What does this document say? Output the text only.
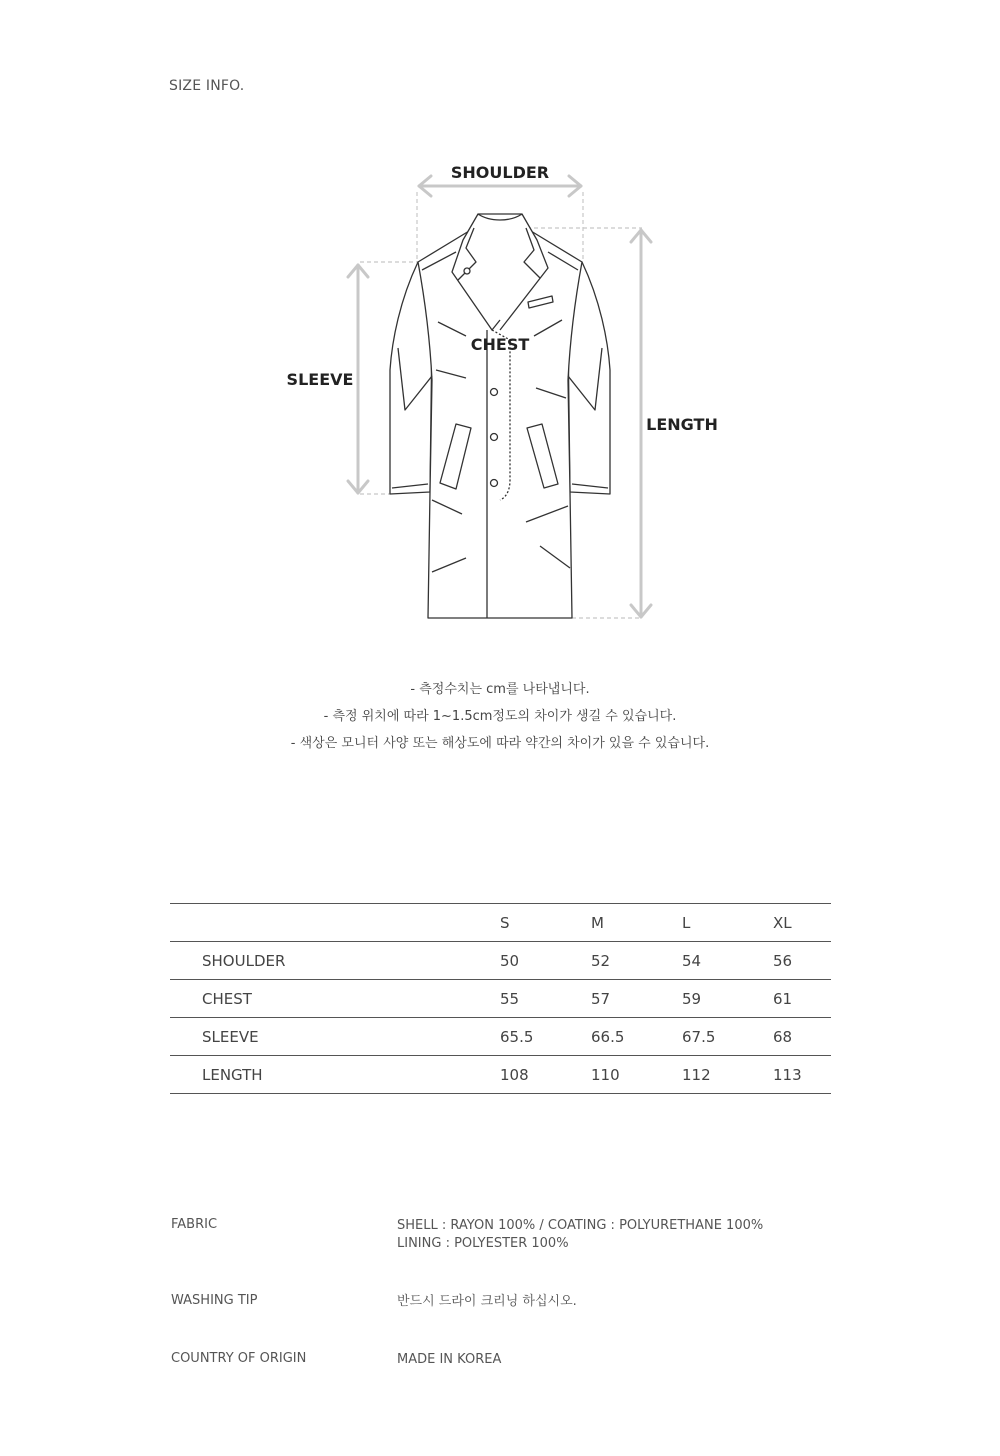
SIZE INFO.
SHOULDER
CHEST
SLEEVE
LENGTH
- 측정수치는 cm를 나타냅니다.
- 측정 위치에 따라 1~1.5cm정도의 차이가 생길 수 있습니다.
- 색상은 모니터 사양 또는 해상도에 따라 약간의 차이가 있을 수 있습니다.
	S	M	L	XL
SHOULDER	50	52	54	56
CHEST	55	57	59	61
SLEEVE	65.5	66.5	67.5	68
LENGTH	108	110	112	113
FABRIC	SHELL : RAYON 100% / COATING : POLYURETHANE 100%
LINING : POLYESTER 100%
WASHING TIP	반드시 드라이 크리닝 하십시오.
COUNTRY OF ORIGIN	MADE IN KOREA
